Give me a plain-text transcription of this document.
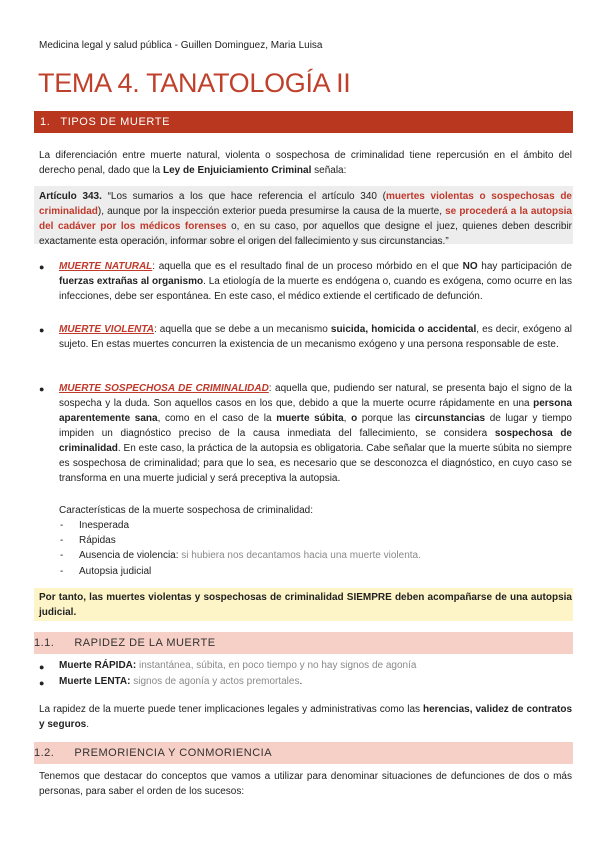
Medicina legal y salud pública - Guillen Dominguez, Maria Luisa
TEMA 4. TANATOLOGÍA II
1. TIPOS DE MUERTE
La diferenciación entre muerte natural, violenta o sospechosa de criminalidad tiene repercusión en el ámbito del derecho penal, dado que la Ley de Enjuiciamiento Criminal señala:
Artículo 343. “Los sumarios a los que hace referencia el artículo 340 (muertes violentas o sospechosas de criminalidad), aunque por la inspección exterior pueda presumirse la causa de la muerte, se procederá a la autopsia del cadáver por los médicos forenses o, en su caso, por aquellos que designe el juez, quienes deben describir exactamente esta operación, informar sobre el origen del fallecimiento y sus circunstancias.”
● MUERTE NATURAL: aquella que es el resultado final de un proceso mórbido en el que NO hay participación de fuerzas extrañas al organismo. La etiología de la muerte es endógena o, cuando es exógena, como ocurre en las infecciones, debe ser espontánea. En este caso, el médico extiende el certificado de defunción.
● MUERTE VIOLENTA: aquella que se debe a un mecanismo suicida, homicida o accidental, es decir, exógeno al sujeto. En estas muertes concurren la existencia de un mecanismo exógeno y una persona responsable de este.
● MUERTE SOSPECHOSA DE CRIMINALIDAD: aquella que, pudiendo ser natural, se presenta bajo el signo de la sospecha y la duda. Son aquellos casos en los que, debido a que la muerte ocurre rápidamente en una persona aparentemente sana, como en el caso de la muerte súbita, o porque las circunstancias de lugar y tiempo impiden un diagnóstico preciso de la causa inmediata del fallecimiento, se considera sospechosa de criminalidad. En este caso, la práctica de la autopsia es obligatoria. Cabe señalar que la muerte súbita no siempre es sospechosa de criminalidad; para que lo sea, es necesario que se desconozca el diagnóstico, en cuyo caso se transforma en una muerte judicial y será preceptiva la autopsia.
Características de la muerte sospechosa de criminalidad:
- Inesperada
- Rápidas
- Ausencia de violencia: si hubiera nos decantamos hacia una muerte violenta.
- Autopsia judicial
Por tanto, las muertes violentas y sospechosas de criminalidad SIEMPRE deben acompañarse de una autopsia judicial.
1.1. RAPIDEZ DE LA MUERTE
● Muerte RÁPIDA: instantánea, súbita, en poco tiempo y no hay signos de agonía
● Muerte LENTA: signos de agonía y actos premortales.
La rapidez de la muerte puede tener implicaciones legales y administrativas como las herencias, validez de contratos y seguros.
1.2. PREMORIENCIA Y CONMORIENCIA
Tenemos que destacar do conceptos que vamos a utilizar para denominar situaciones de defunciones de dos o más personas, para saber el orden de los sucesos:
